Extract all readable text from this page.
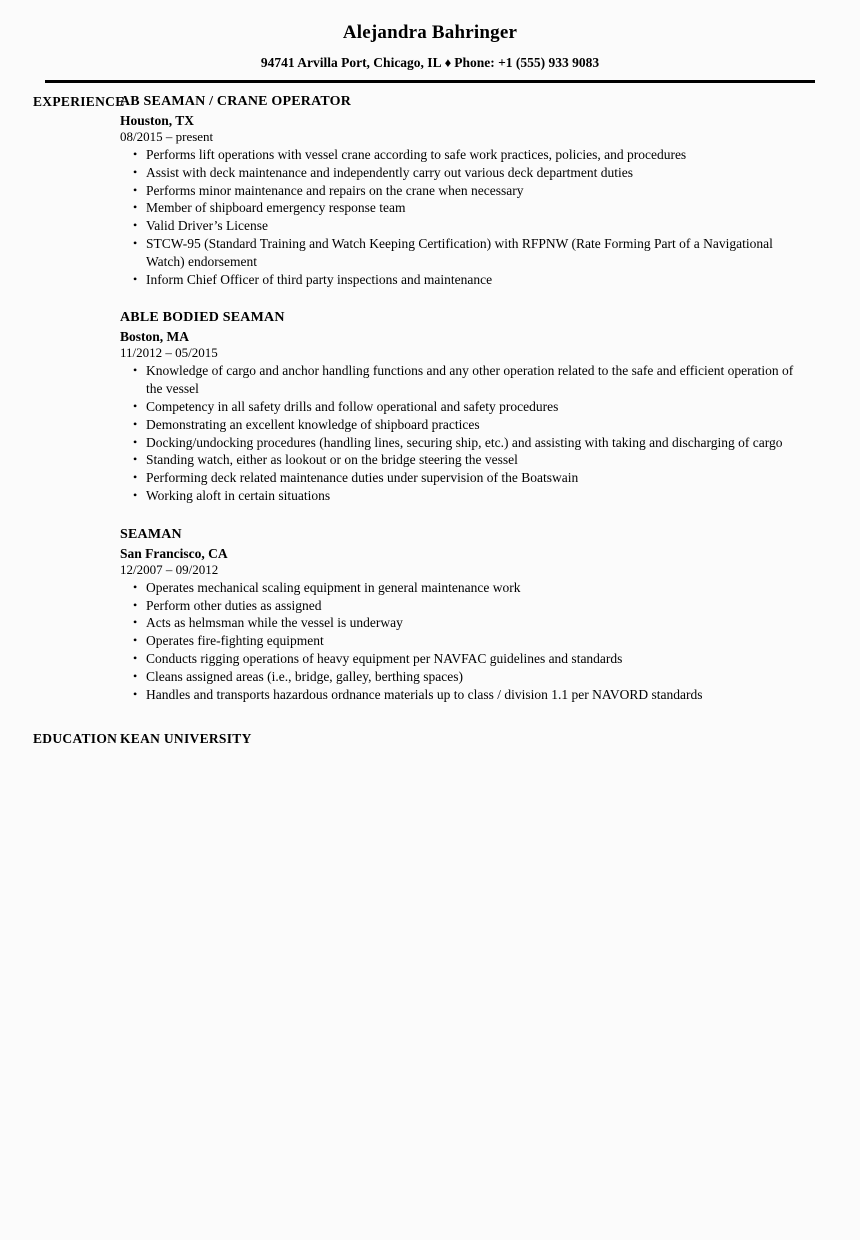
Alejandra Bahringer
94741 Arvilla Port, Chicago, IL ♦ Phone: +1 (555) 933 9083
EXPERIENCE
AB SEAMAN / CRANE OPERATOR
Houston, TX
08/2015 – present
• Performs lift operations with vessel crane according to safe work practices, policies, and procedures
• Assist with deck maintenance and independently carry out various deck department duties
• Performs minor maintenance and repairs on the crane when necessary
• Member of shipboard emergency response team
• Valid Driver’s License
• STCW-95 (Standard Training and Watch Keeping Certification) with RFPNW (Rate Forming Part of a Navigational Watch) endorsement
• Inform Chief Officer of third party inspections and maintenance
ABLE BODIED SEAMAN
Boston, MA
11/2012 – 05/2015
• Knowledge of cargo and anchor handling functions and any other operation related to the safe and efficient operation of the vessel
• Competency in all safety drills and follow operational and safety procedures
• Demonstrating an excellent knowledge of shipboard practices
• Docking/undocking procedures (handling lines, securing ship, etc.) and assisting with taking and discharging of cargo
• Standing watch, either as lookout or on the bridge steering the vessel
• Performing deck related maintenance duties under supervision of the Boatswain
• Working aloft in certain situations
SEAMAN
San Francisco, CA
12/2007 – 09/2012
• Operates mechanical scaling equipment in general maintenance work
• Perform other duties as assigned
• Acts as helmsman while the vessel is underway
• Operates fire-fighting equipment
• Conducts rigging operations of heavy equipment per NAVFAC guidelines and standards
• Cleans assigned areas (i.e., bridge, galley, berthing spaces)
• Handles and transports hazardous ordnance materials up to class / division 1.1 per NAVORD standards
EDUCATION KEAN UNIVERSITY
